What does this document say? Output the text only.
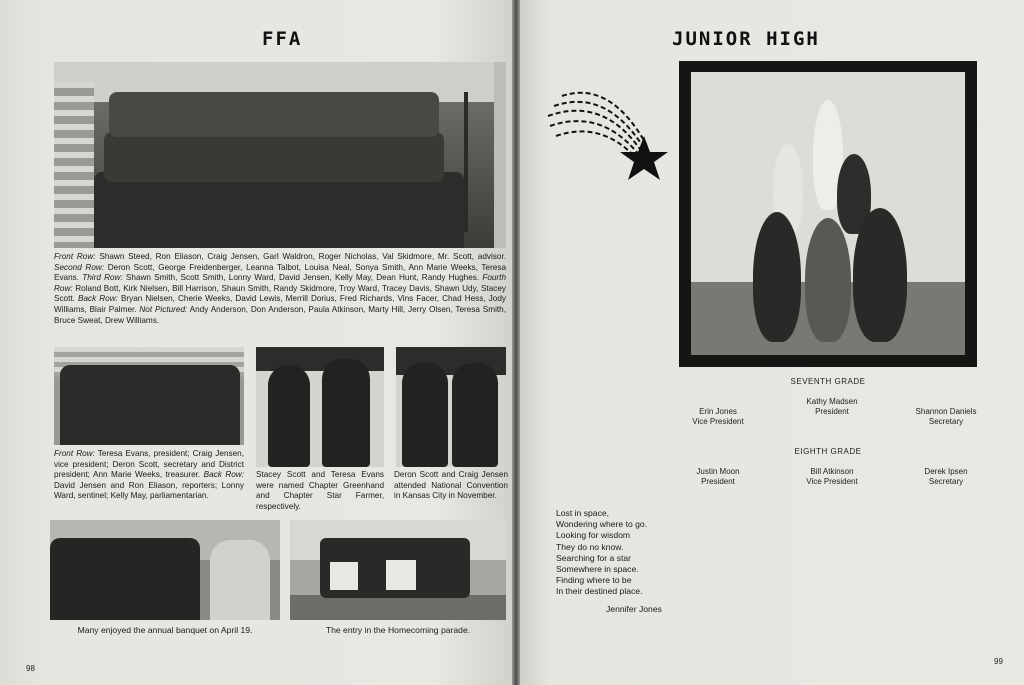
FFA
Front Row: Shawn Steed, Ron Eliason, Craig Jensen, Garl Waldron, Roger Nicholas, Val Skidmore, Mr. Scott, advisor. Second Row: Deron Scott, George Freidenberger, Leanna Talbot, Louisa Neal, Sonya Smith, Ann Marie Weeks, Teresa Evans. Third Row: Shawn Smith, Scott Smith, Lonny Ward, David Jensen, Kelly May, Dean Hunt, Randy Hughes. Fourth Row: Roland Bott, Kirk Nielsen, Bill Harrison, Shaun Smith, Randy Skidmore, Troy Ward, Tracey Davis, Shawn Udy, Stacey Scott. Back Row: Bryan Nielsen, Cherie Weeks, David Lewis, Merrill Dorius, Fred Richards, Vins Facer, Chad Hess, Jody Williams, Blair Palmer. Not Pictured: Andy Anderson, Don Anderson, Paula Atkinson, Marty Hill, Jerry Olsen, Teresa Smith, Bruce Sweat, Drew Williams.
Front Row: Teresa Evans, president; Craig Jensen, vice president; Deron Scott, secretary and District president; Ann Marie Weeks, treasurer. Back Row: David Jensen and Ron Eliason, reporters; Lonny Ward, sentinel; Kelly May, parliamentarian.
Stacey Scott and Teresa Evans were named Chapter Greenhand and Chapter Star Farmer, respectively.
Deron Scott and Craig Jensen attended National Convention in Kansas City in November.
Many enjoyed the annual banquet on April 19.	The entry in the Homecoming parade.
98
JUNIOR HIGH
SEVENTH GRADE
Kathy Madsen
President
Erin Jones
Vice President
Shannon Daniels
Secretary
EIGHTH GRADE
Justin Moon
President
Bill Atkinson
Vice President
Derek Ipsen
Secretary
Lost in space,
Wondering where to go.
Looking for wisdom
They do no know.
Searching for a star
Somewhere in space.
Finding where to be
In their destined place.
Jennifer Jones
99
